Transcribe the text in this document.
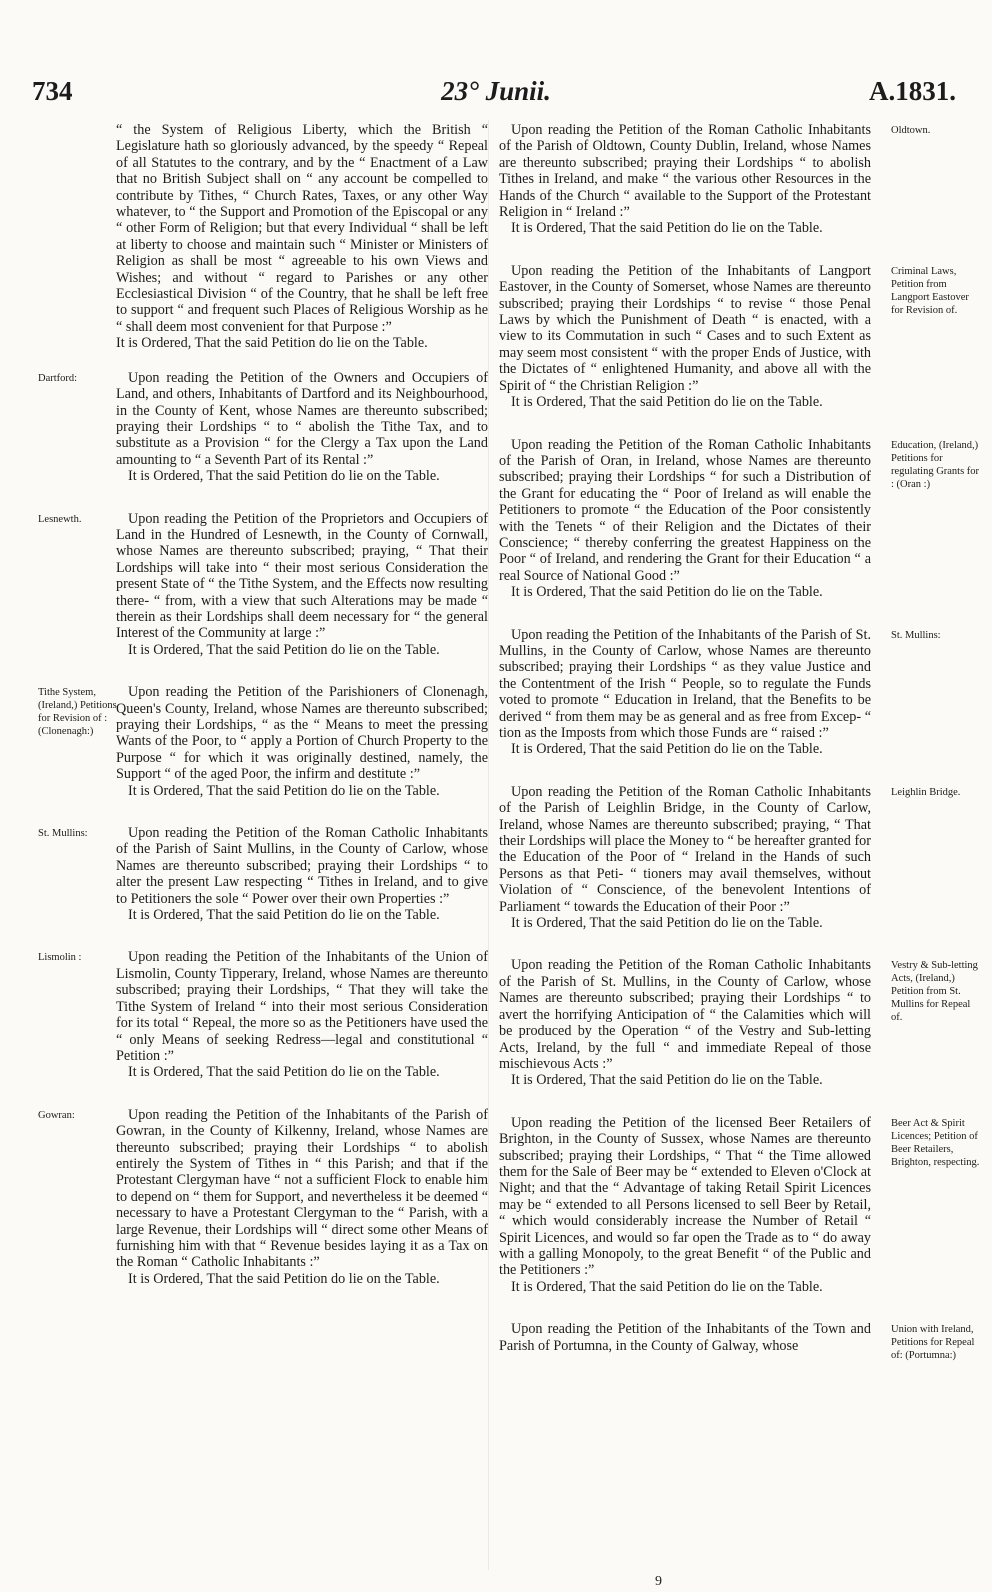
734	23° Junii.	A.1831.
Dartford:
Lesnewth.
Tithe System, (Ireland,) Petitions for Revision of : (Clonenagh:)
St. Mullins:
Lismolin :
Gowran:
Oldtown.
Criminal Laws, Petition from Langport Eastover for Revision of.
Education, (Ireland,) Petitions for regulating Grants for : (Oran :)
St. Mullins:
Leighlin Bridge.
Vestry & Sub-letting Acts, (Ireland,) Petition from St. Mullins for Repeal of.
Beer Act & Spirit Licences; Petition of Beer Retailers, Brighton, respecting.
Union with Ireland, Petitions for Repeal of: (Portumna:)

“ the System of Religious Liberty, which the British “ Legislature hath so gloriously advanced, by the speedy “ Repeal of all Statutes to the contrary, and by the “ Enactment of a Law that no British Subject shall on “ any account be compelled to contribute by Tithes, “ Church Rates, Taxes, or any other Way whatever, to “ the Support and Promotion of the Episcopal or any “ other Form of Religion; but that every Individual “ shall be left at liberty to choose and maintain such “ Minister or Ministers of Religion as shall be most “ agreeable to his own Views and Wishes; and without “ regard to Parishes or any other Ecclesiastical Division “ of the Country, that he shall be left free to support “ and frequent such Places of Religious Worship as he “ shall deem most convenient for that Purpose :”

It is Ordered, That the said Petition do lie on the Table.

Upon reading the Petition of the Owners and Occupiers of Land, and others, Inhabitants of Dartford and its Neighbourhood, in the County of Kent, whose Names are thereunto subscribed; praying their Lordships “ to “ abolish the Tithe Tax, and to substitute as a Provision “ for the Clergy a Tax upon the Land amounting to “ a Seventh Part of its Rental :”

It is Ordered, That the said Petition do lie on the Table.

Upon reading the Petition of the Proprietors and Occupiers of Land in the Hundred of Lesnewth, in the County of Cornwall, whose Names are thereunto subscribed; praying, “ That their Lordships will take into “ their most serious Consideration the present State of “ the Tithe System, and the Effects now resulting there- “ from, with a view that such Alterations may be made “ therein as their Lordships shall deem necessary for “ the general Interest of the Community at large :”

It is Ordered, That the said Petition do lie on the Table.

Upon reading the Petition of the Parishioners of Clonenagh, Queen's County, Ireland, whose Names are thereunto subscribed; praying their Lordships, “ as the “ Means to meet the pressing Wants of the Poor, to “ apply a Portion of Church Property to the Purpose “ for which it was originally destined, namely, the Support “ of the aged Poor, the infirm and destitute :”

It is Ordered, That the said Petition do lie on the Table.

Upon reading the Petition of the Roman Catholic Inhabitants of the Parish of Saint Mullins, in the County of Carlow, whose Names are thereunto subscribed; praying their Lordships “ to alter the present Law respecting “ Tithes in Ireland, and to give to Petitioners the sole “ Power over their own Properties :”

It is Ordered, That the said Petition do lie on the Table.

Upon reading the Petition of the Inhabitants of the Union of Lismolin, County Tipperary, Ireland, whose Names are thereunto subscribed; praying their Lordships, “ That they will take the Tithe System of Ireland “ into their most serious Consideration for its total “ Repeal, the more so as the Petitioners have used the “ only Means of seeking Redress—legal and constitutional “ Petition :”

It is Ordered, That the said Petition do lie on the Table.

Upon reading the Petition of the Inhabitants of the Parish of Gowran, in the County of Kilkenny, Ireland, whose Names are thereunto subscribed; praying their Lordships “ to abolish entirely the System of Tithes in “ this Parish; and that if the Protestant Clergyman have “ not a sufficient Flock to enable him to depend on “ them for Support, and nevertheless it be deemed “ necessary to have a Protestant Clergyman to the “ Parish, with a large Revenue, their Lordships will “ direct some other Means of furnishing him with that “ Revenue besides laying it as a Tax on the Roman “ Catholic Inhabitants :”

It is Ordered, That the said Petition do lie on the Table.

Upon reading the Petition of the Roman Catholic Inhabitants of the Parish of Oldtown, County Dublin, Ireland, whose Names are thereunto subscribed; praying their Lordships “ to abolish Tithes in Ireland, and make “ the various other Resources in the Hands of the Church “ available to the Support of the Protestant Religion in “ Ireland :”

It is Ordered, That the said Petition do lie on the Table.

Upon reading the Petition of the Inhabitants of Langport Eastover, in the County of Somerset, whose Names are thereunto subscribed; praying their Lordships “ to revise “ those Penal Laws by which the Punishment of Death “ is enacted, with a view to its Commutation in such “ Cases and to such Extent as may seem most consistent “ with the proper Ends of Justice, with the Dictates of “ enlightened Humanity, and above all with the Spirit of “ the Christian Religion :”

It is Ordered, That the said Petition do lie on the Table.

Upon reading the Petition of the Roman Catholic Inhabitants of the Parish of Oran, in Ireland, whose Names are thereunto subscribed; praying their Lordships “ for such a Distribution of the Grant for educating the “ Poor of Ireland as will enable the Petitioners to promote “ the Education of the Poor consistently with the Tenets “ of their Religion and the Dictates of their Conscience; “ thereby conferring the greatest Happiness on the Poor “ of Ireland, and rendering the Grant for their Education “ a real Source of National Good :”

It is Ordered, That the said Petition do lie on the Table.

Upon reading the Petition of the Inhabitants of the Parish of St. Mullins, in the County of Carlow, whose Names are thereunto subscribed; praying their Lordships “ as they value Justice and the Contentment of the Irish “ People, so to regulate the Funds voted to promote “ Education in Ireland, that the Benefits to be derived “ from them may be as general and as free from Excep- “ tion as the Imposts from which those Funds are “ raised :”

It is Ordered, That the said Petition do lie on the Table.

Upon reading the Petition of the Roman Catholic Inhabitants of the Parish of Leighlin Bridge, in the County of Carlow, Ireland, whose Names are thereunto subscribed; praying, “ That their Lordships will place the Money to “ be hereafter granted for the Education of the Poor of “ Ireland in the Hands of such Persons as that Peti- “ tioners may avail themselves, without Violation of “ Conscience, of the benevolent Intentions of Parliament “ towards the Education of their Poor :”

It is Ordered, That the said Petition do lie on the Table.

Upon reading the Petition of the Roman Catholic Inhabitants of the Parish of St. Mullins, in the County of Carlow, whose Names are thereunto subscribed; praying their Lordships “ to avert the horrifying Anticipation of “ the Calamities which will be produced by the Operation “ of the Vestry and Sub-letting Acts, Ireland, by the full “ and immediate Repeal of those mischievous Acts :”

It is Ordered, That the said Petition do lie on the Table.

Upon reading the Petition of the licensed Beer Retailers of Brighton, in the County of Sussex, whose Names are thereunto subscribed; praying their Lordships, “ That “ the Time allowed them for the Sale of Beer may be “ extended to Eleven o'Clock at Night; and that the “ Advantage of taking Retail Spirit Licences may be “ extended to all Persons licensed to sell Beer by Retail, “ which would considerably increase the Number of Retail “ Spirit Licences, and would so far open the Trade as to “ do away with a galling Monopoly, to the great Benefit “ of the Public and the Petitioners :”

It is Ordered, That the said Petition do lie on the Table.

Upon reading the Petition of the Inhabitants of the Town and Parish of Portumna, in the County of Galway, whose

9
